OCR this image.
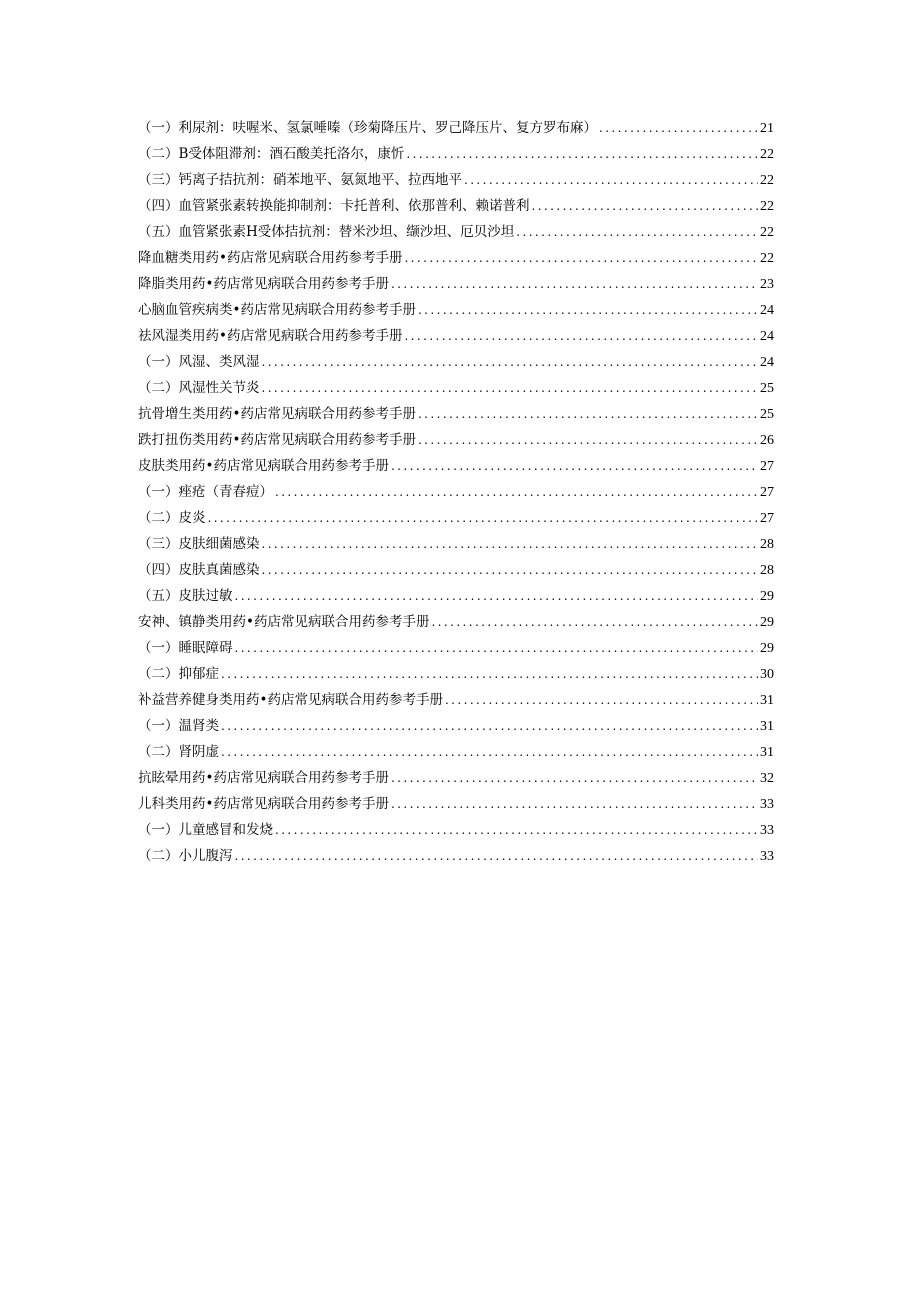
（一）利尿剂：呋喔米、氢氯唾嗪（珍菊降压片、罗己降压片、复方罗布麻） .....	21
（二）B受体阻滞剂：酒石酸美托洛尔，康忻 .....	22
（三）钙离子拮抗剂：硝苯地平、氨氮地平、拉西地平 .....	22
（四）血管紧张素转换能抑制剂：卡托普利、依那普利、赖诺普利 .....	22
（五）血管紧张素H受体拮抗剂：替米沙坦、缬沙坦、厄贝沙坦 .....	22
降血糖类用药•药店常见病联合用药参考手册 .....	22
降脂类用药•药店常见病联合用药参考手册 .....	23
心脑血管疾病类•药店常见病联合用药参考手册 .....	24
祛风湿类用药•药店常见病联合用药参考手册 .....	24
（一）风湿、类风湿 .....	24
（二）风湿性关节炎 .....	25
抗骨增生类用药•药店常见病联合用药参考手册 .....	25
跌打扭伤类用药•药店常见病联合用药参考手册 .....	26
皮肤类用药•药店常见病联合用药参考手册 .....	27
（一）痤疮（青春痘） .....	27
（二）皮炎 .....	27
（三）皮肤细菌感染 .....	28
（四）皮肤真菌感染 .....	28
（五）皮肤过敏 .....	29
安神、镇静类用药•药店常见病联合用药参考手册 .....	29
（一）睡眠障碍 .....	29
（二）抑郁症 .....	30
补益营养健身类用药•药店常见病联合用药参考手册 .....	31
（一）温肾类 .....	31
（二）肾阴虚 .....	31
抗眩晕用药•药店常见病联合用药参考手册 .....	32
儿科类用药•药店常见病联合用药参考手册 .....	33
（一）儿童感冒和发烧 .....	33
（二）小儿腹泻 .....	33
